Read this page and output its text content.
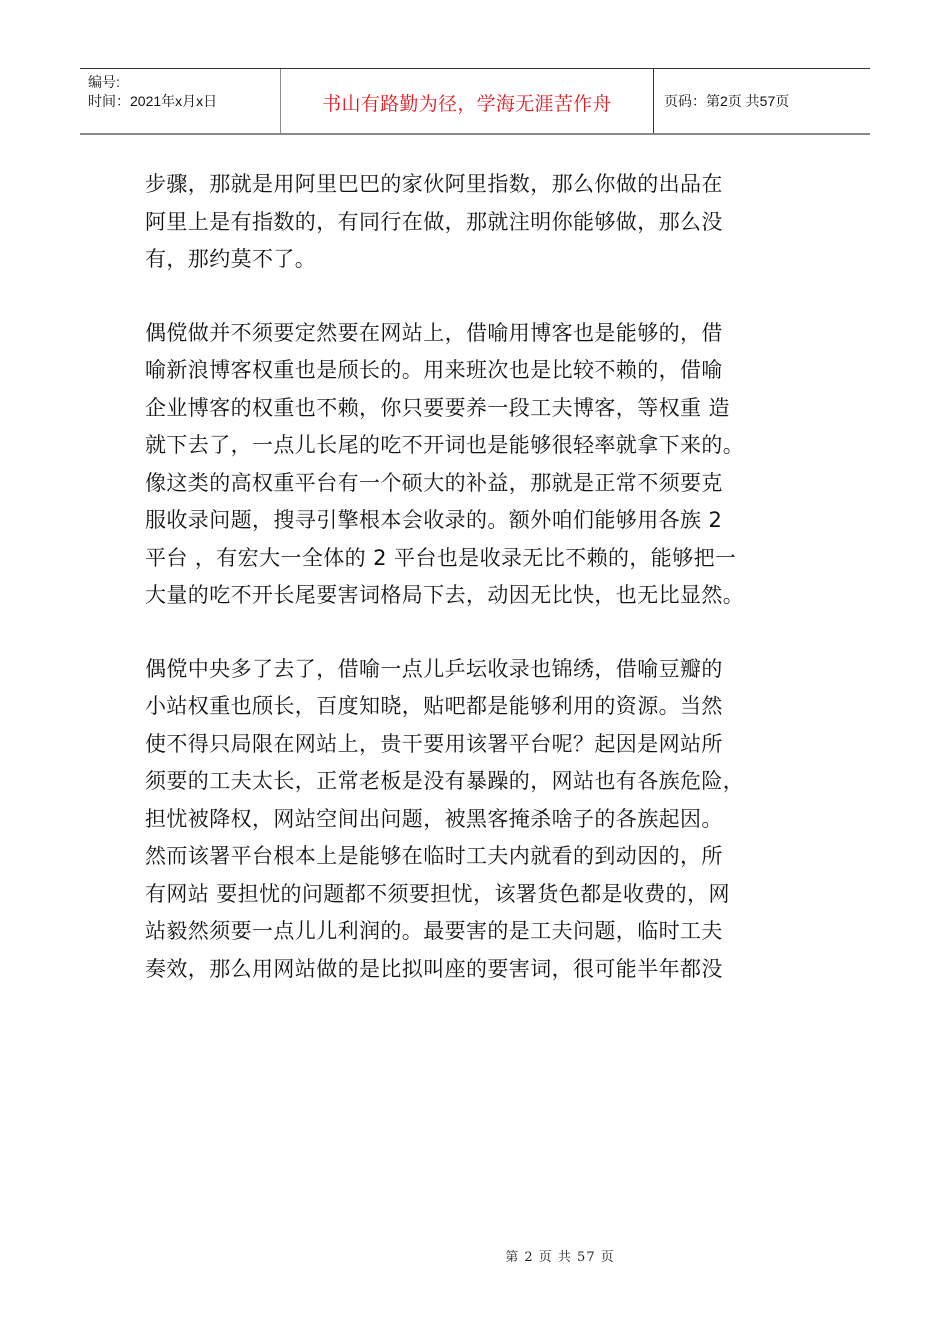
编号:
时间：2021年x月x日	书山有路勤为径，学海无涯苦作舟	页码：第2页 共57页
步骤，那就是用阿里巴巴的家伙阿里指数，那么你做的出品在
阿里上是有指数的，有同行在做，那就注明你能够做，那么没
有，那约莫不了。
偶傥做并不须要定然要在网站上，借喻用博客也是能够的，借
喻新浪博客权重也是颀长的。用来班次也是比较不赖的，借喻
企业博客的权重也不赖，你只要要养一段工夫博客，等权重 造
就下去了，一点儿长尾的吃不开词也是能够很轻率就拿下来的。
像这类的高权重平台有一个硕大的补益，那就是正常不须要克
服收录问题，搜寻引擎根本会收录的。额外咱们能够用各族 2
平台 ，有宏大一全体的 2 平台也是收录无比不赖的，能够把一
大量的吃不开长尾要害词格局下去，动因无比快，也无比显然。
偶傥中央多了去了，借喻一点儿乒坛收录也锦绣，借喻豆瓣的
小站权重也颀长，百度知晓，贴吧都是能够利用的资源。当然
使不得只局限在网站上，贵干要用该署平台呢？起因是网站所
须要的工夫太长，正常老板是没有暴躁的，网站也有各族危险，
担忧被降权，网站空间出问题，被黑客掩杀啥子的各族起因。
然而该署平台根本上是能够在临时工夫内就看的到动因的，所
有网站 要担忧的问题都不须要担忧，该署货色都是收费的，网
站毅然须要一点儿儿利润的。最要害的是工夫问题，临时工夫
奏效，那么用网站做的是比拟叫座的要害词，很可能半年都没
第 2 页 共 57 页
